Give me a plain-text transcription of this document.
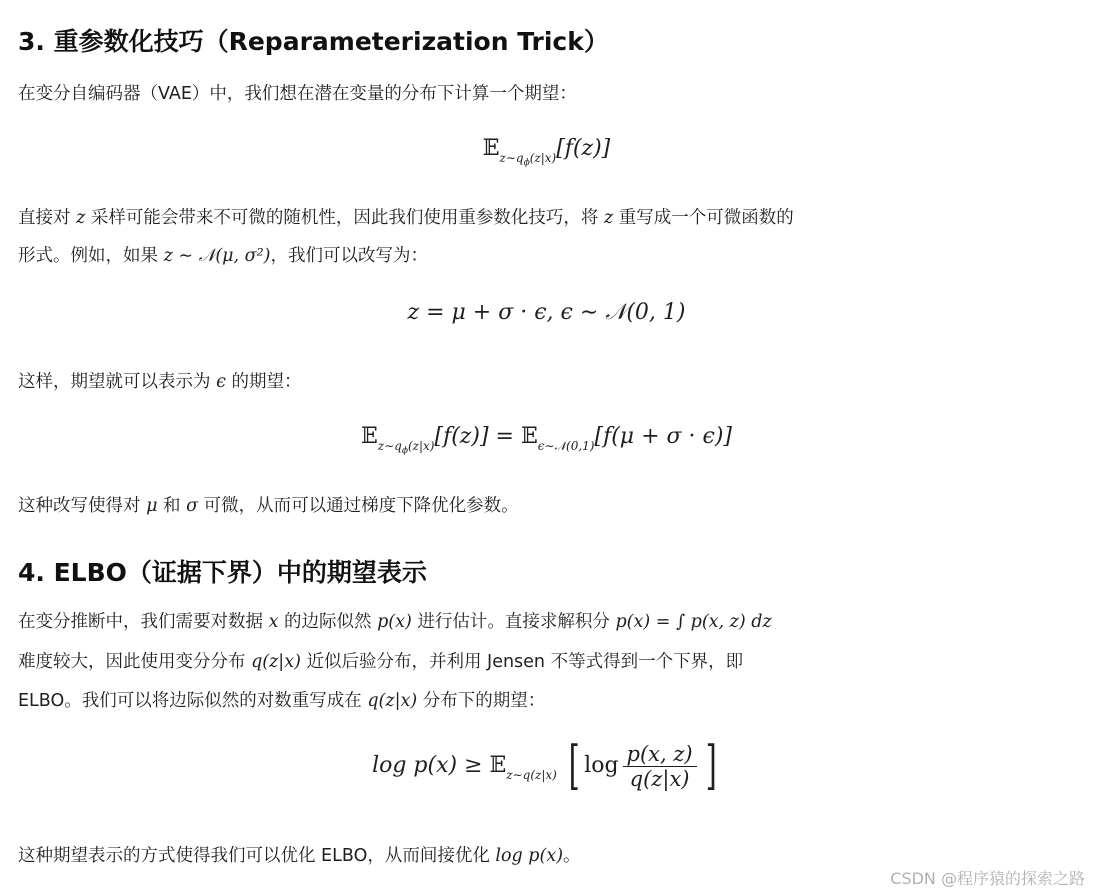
3. 重参数化技巧（Reparameterization Trick）

在变分自编码器（VAE）中，我们想在潜在变量的分布下计算一个期望：

𝔼$_{z\sim q_\phi(z|x)}$[f(z)]

直接对 z 采样可能会带来不可微的随机性，因此我们使用重参数化技巧，将 z 重写成一个可微函数的

形式。例如，如果 z ∼ 𝒩(μ, σ²)，我们可以改写为：

z = μ + σ · ϵ, ϵ ∼ 𝒩(0, 1)

这样，期望就可以表示为 ϵ 的期望：

𝔼$_{z\sim q_\phi(z|x)}$[f(z)] = 𝔼$_{\epsilon\sim 𝒩(0,1)}$[f(μ + σ · ϵ)]

这种改写使得对 μ 和 σ 可微，从而可以通过梯度下降优化参数。

4. ELBO（证据下界）中的期望表示

在变分推断中，我们需要对数据 x 的边际似然 p(x) 进行估计。直接求解积分 p(x) = ∫ p(x, z) dz

难度较大，因此使用变分分布 q(z|x) 近似后验分布，并利用 Jensen 不等式得到一个下界，即

ELBO。我们可以将边际似然的对数重写成在 q(z|x) 分布下的期望：

log p(x) ≥ 𝔼$_{z\sim q(z|x)}$ [ $\log \frac{p(x, z)}{q(z|x)}$ ]

这种期望表示的方式使得我们可以优化 ELBO，从而间接优化 log p(x)。

CSDN @程序猿的探索之路
